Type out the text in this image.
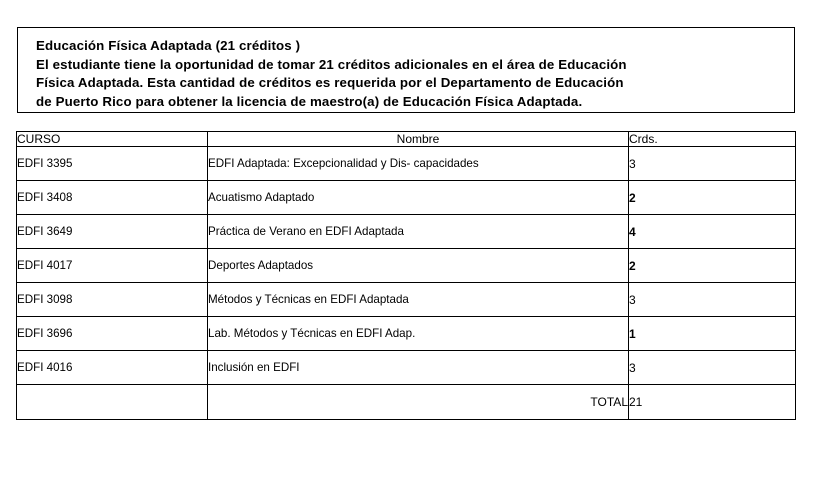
Educación Física Adaptada (21 créditos )
El estudiante tiene la oportunidad de tomar 21 créditos adicionales en el área de Educación
Física Adaptada. Esta cantidad de créditos es requerida por el Departamento de Educación
de Puerto Rico para obtener la licencia de maestro(a) de Educación Física Adaptada.
CURSO	Nombre	Crds.
EDFI 3395	EDFI Adaptada: Excepcionalidad y Dis- capacidades	3
EDFI 3408	Acuatismo Adaptado	2
EDFI 3649	Práctica de Verano en EDFI Adaptada	4
EDFI 4017	Deportes Adaptados	2
EDFI 3098	Métodos y Técnicas en EDFI Adaptada	3
EDFI 3696	Lab. Métodos y Técnicas en EDFI Adap.	1
EDFI 4016	Inclusión en EDFI	3
	TOTAL	21
